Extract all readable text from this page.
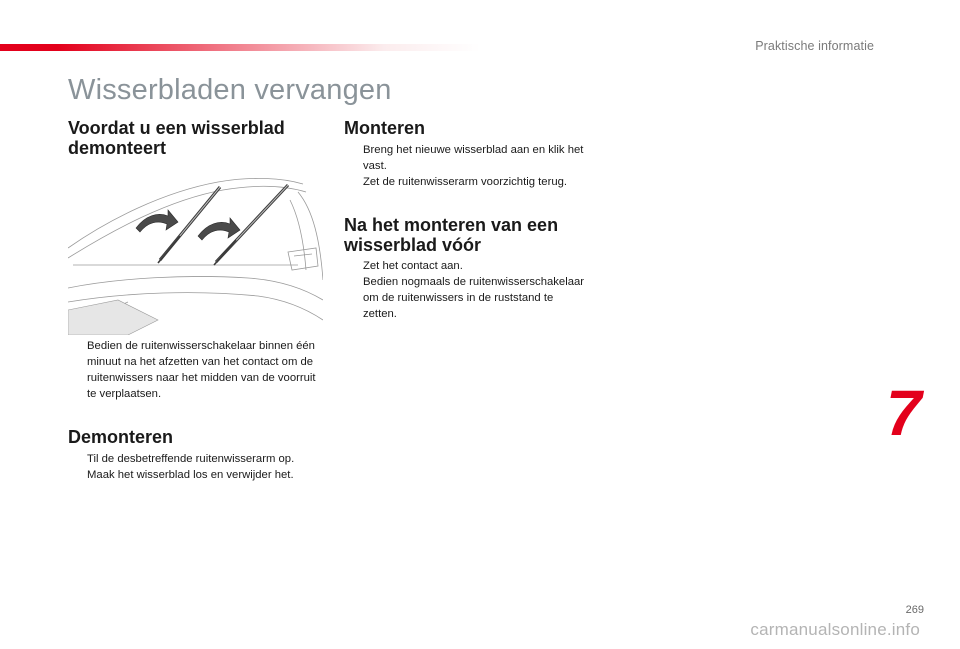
Praktische informatie
Wisserbladen vervangen
Voordat u een wisserblad demonteert
Bedien de ruitenwisserschakelaar binnen één minuut na het afzetten van het contact om de ruitenwissers naar het midden van de voorruit te verplaatsen.
Demonteren
Til de desbetreffende ruitenwisserarm op.
Maak het wisserblad los en verwijder het.
Monteren
Breng het nieuwe wisserblad aan en klik het vast.
Zet de ruitenwisserarm voorzichtig terug.
Na het monteren van een wisserblad vóór
Zet het contact aan.
Bedien nogmaals de ruitenwisserschakelaar om de ruitenwissers in de ruststand te zetten.
7
269
carmanualsonline.info
